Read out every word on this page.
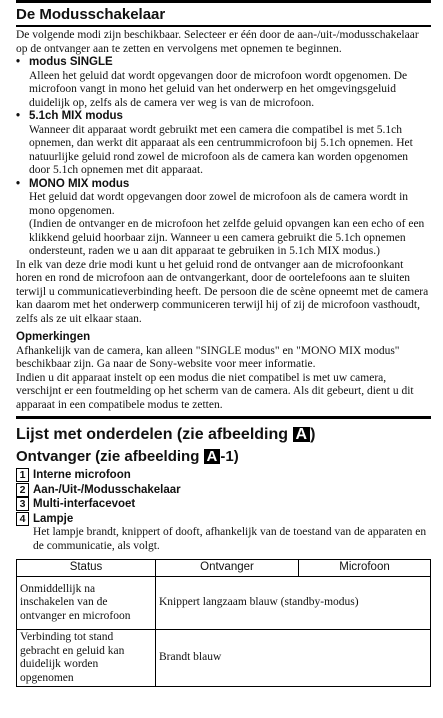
De Modusschakelaar

De volgende modi zijn beschikbaar. Selecteer er één door de aan-/uit-/modusschakelaar op de ontvanger aan te zetten en vervolgens met opnemen te beginnen.

• modus SINGLE

Alleen het geluid dat wordt opgevangen door de microfoon wordt opgenomen. De microfoon vangt in mono het geluid van het onderwerp en het omgevingsgeluid duidelijk op, zelfs als de camera ver weg is van de microfoon.

• 5.1ch MIX modus

Wanneer dit apparaat wordt gebruikt met een camera die compatibel is met 5.1ch opnemen, dan werkt dit apparaat als een centrummicrofoon bij 5.1ch opnemen. Het natuurlijke geluid rond zowel de microfoon als de camera kan worden opgenomen door 5.1ch opnemen met dit apparaat.

• MONO MIX modus

Het geluid dat wordt opgevangen door zowel de microfoon als de camera wordt in mono opgenomen.

(Indien de ontvanger en de microfoon het zelfde geluid opvangen kan een echo of een klikkend geluid hoorbaar zijn. Wanneer u een camera gebruikt die 5.1ch opnemen ondersteunt, raden we u aan dit apparaat te gebruiken in 5.1ch MIX modus.)

In elk van deze drie modi kunt u het geluid rond de ontvanger aan de microfoonkant horen en rond de microfoon aan de ontvangerkant, door de oortelefoons aan te sluiten terwijl u communicatieverbinding heeft. De persoon die de scène opneemt met de camera kan daarom met het onderwerp communiceren terwijl hij of zij de microfoon vasthoudt, zelfs als ze uit elkaar staan.

Opmerkingen

Afhankelijk van de camera, kan alleen "SINGLE modus" en "MONO MIX modus" beschikbaar zijn. Ga naar de Sony-website voor meer informatie.

Indien u dit apparaat instelt op een modus die niet compatibel is met uw camera, verschijnt er een foutmelding op het scherm van de camera. Als dit gebeurt, dient u dit apparaat in een compatibele modus te zetten.

Lijst met onderdelen (zie afbeelding A )
Ontvanger (zie afbeelding A -1)
1 Interne microfoon
2 Aan-/Uit-/Modusschakelaar
3 Multi-interfacevoet
4 Lampje

Het lampje brandt, knippert of dooft, afhankelijk van de toestand van de apparaten en de communicatie, als volgt.

Status	Ontvanger	Microfoon
Onmiddellijk na inschakelen van de ontvanger en microfoon	Knippert langzaam blauw (standby-modus)	
Verbinding tot stand gebracht en geluid kan duidelijk worden opgenomen	Brandt blauw	
